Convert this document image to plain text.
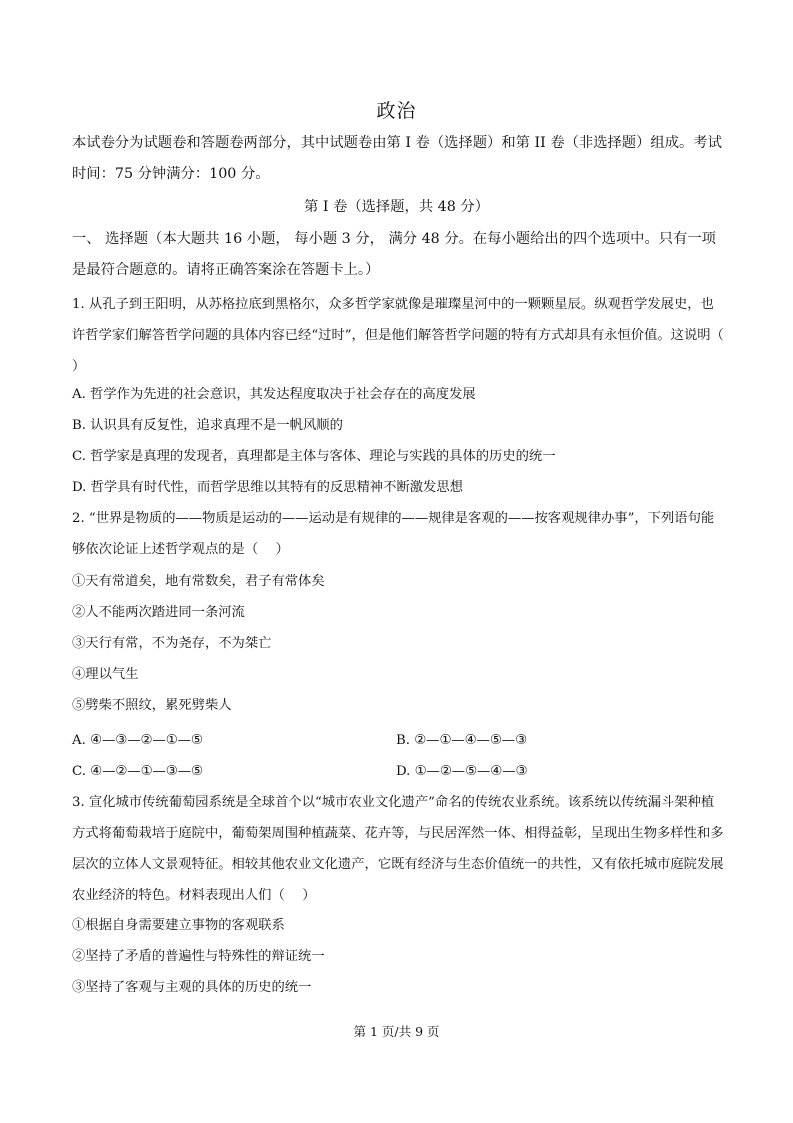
政治
本试卷分为试题卷和答题卷两部分，其中试题卷由第 I 卷（选择题）和第 II 卷（非选择题）组成。考试时间：75 分钟满分：100 分。
第 I 卷（选择题，共 48 分）
一、 选择题（本大题共 16 小题， 每小题 3 分， 满分 48 分。在每小题给出的四个选项中。只有一项是最符合题意的。请将正确答案涂在答题卡上。）
1. 从孔子到王阳明，从苏格拉底到黑格尔，众多哲学家就像是璀璨星河中的一颗颗星辰。纵观哲学发展史，也许哲学家们解答哲学问题的具体内容已经“过时”，但是他们解答哲学问题的特有方式却具有永恒价值。这说明（　 ）
A. 哲学作为先进的社会意识，其发达程度取决于社会存在的高度发展
B. 认识具有反复性，追求真理不是一帆风顺的
C. 哲学家是真理的发现者，真理都是主体与客体、理论与实践的具体的历史的统一
D. 哲学具有时代性，而哲学思维以其特有的反思精神不断激发思想
2. “世界是物质的——物质是运动的——运动是有规律的——规律是客观的——按客观规律办事”，下列语句能够依次论证上述哲学观点的是（　 ）
①天有常道矣，地有常数矣，君子有常体矣
②人不能两次踏进同一条河流
③天行有常，不为尧存，不为桀亡
④理以气生
⑤劈柴不照纹，累死劈柴人
A. ④—③—②—①—⑤	B. ②—①—④—⑤—③
C. ④—②—①—③—⑤	D. ①—②—⑤—④—③
3. 宣化城市传统葡萄园系统是全球首个以“城市农业文化遗产”命名的传统农业系统。该系统以传统漏斗架种植方式将葡萄栽培于庭院中，葡萄架周围种植蔬菜、花卉等，与民居浑然一体、相得益彰，呈现出生物多样性和多层次的立体人文景观特征。相较其他农业文化遗产，它既有经济与生态价值统一的共性，又有依托城市庭院发展农业经济的特色。材料表现出人们（　 ）
①根据自身需要建立事物的客观联系
②坚持了矛盾的普遍性与特殊性的辩证统一
③坚持了客观与主观的具体的历史的统一
第 1 页/共 9 页
